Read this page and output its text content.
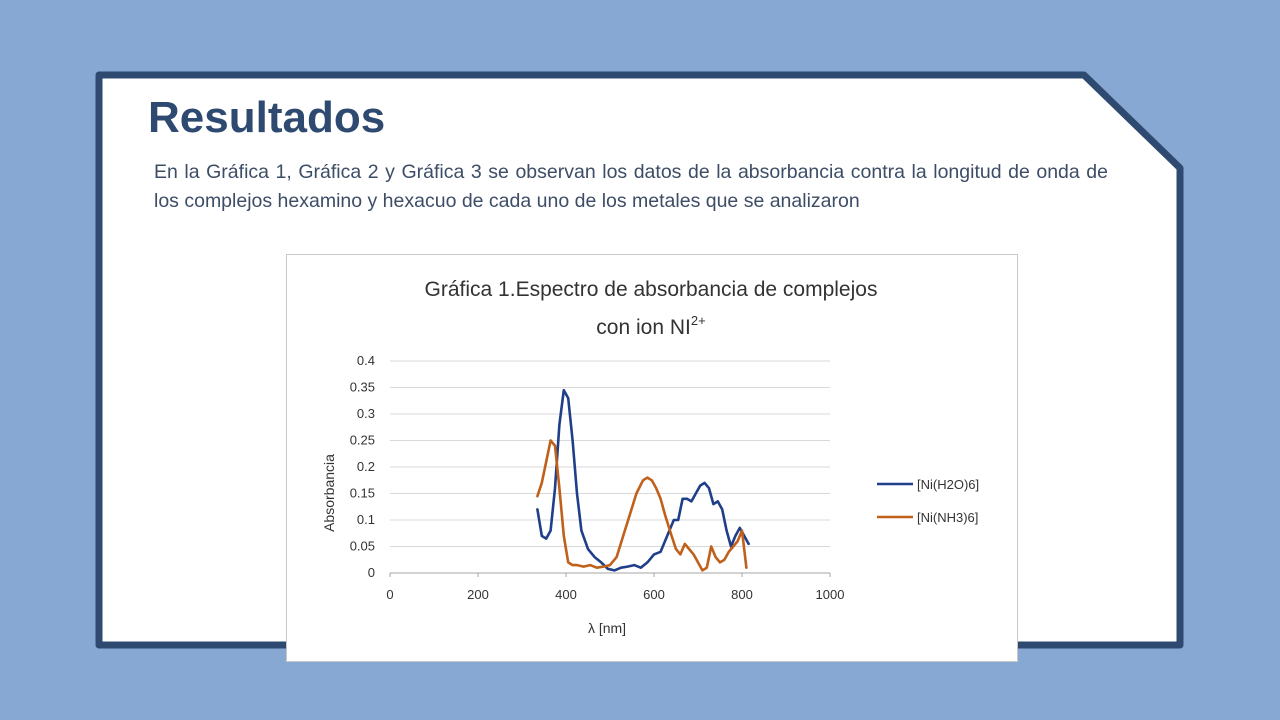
Resultados

En la Gráfica 1, Gráfica 2 y Gráfica 3 se observan los datos de la absorbancia contra la longitud de onda de los complejos hexamino y hexacuo de cada uno de los metales que se analizaron

Gráfica 1.Espectro de absorbancia de complejos
con ion $NI^{2+}$
0
0.05
0.1
0.15
0.2
0.25
0.3
0.35
0.4
0	200	400	600	800	1000
λ [nm]
Absorbancia	[Ni(H2O)6]
[Ni(NH3)6]
